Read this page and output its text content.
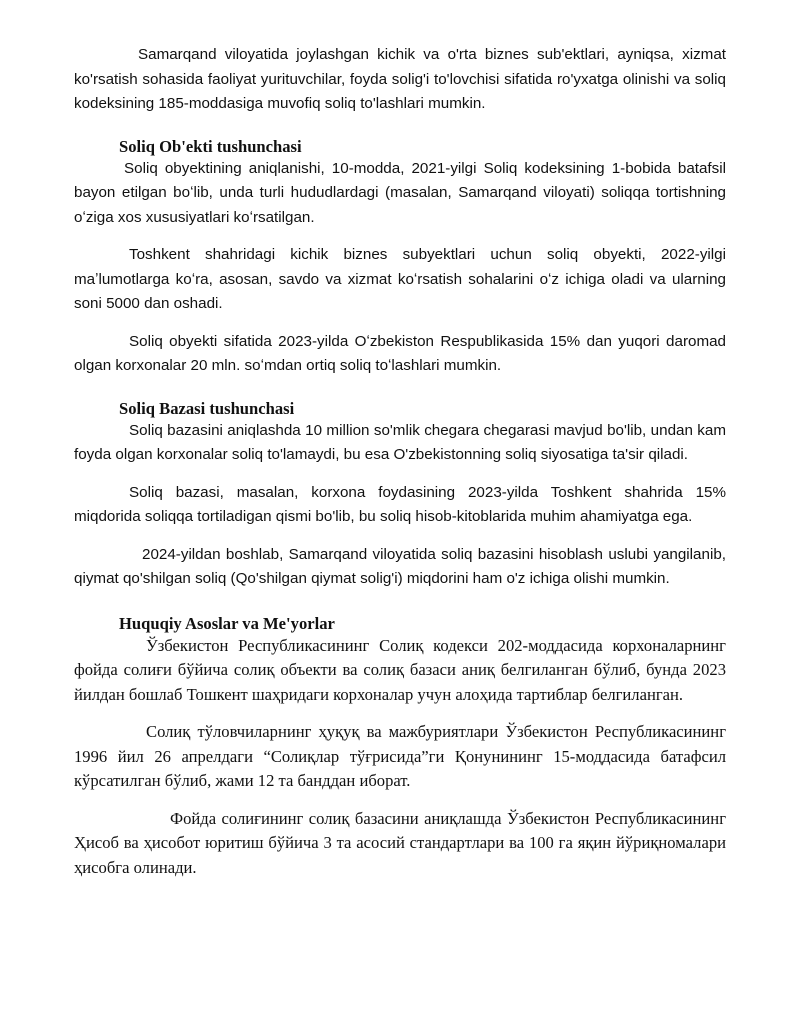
Samarqand viloyatida joylashgan kichik va o'rta biznes sub'ektlari, ayniqsa, xizmat ko'rsatish sohasida faoliyat yurituvchilar, foyda solig'i to'lovchisi sifatida ro'yxatga olinishi va soliq kodeksining 185-moddasiga muvofiq soliq to'lashlari mumkin.

Soliq Ob'ekti tushunchasi

Soliq obyektining aniqlanishi, 10-modda, 2021-yilgi Soliq kodeksining 1-bobida batafsil bayon etilgan boʻlib, unda turli hududlardagi (masalan, Samarqand viloyati) soliqqa tortishning oʻziga xos xususiyatlari koʻrsatilgan.

Toshkent shahridagi kichik biznes subyektlari uchun soliq obyekti, 2022-yilgi maʼlumotlarga koʻra, asosan, savdo va xizmat koʻrsatish sohalarini oʻz ichiga oladi va ularning soni 5000 dan oshadi.

Soliq obyekti sifatida 2023-yilda Oʻzbekiston Respublikasida 15% dan yuqori daromad olgan korxonalar 20 mln. soʻmdan ortiq soliq toʻlashlari mumkin.

Soliq Bazasi tushunchasi

Soliq bazasini aniqlashda 10 million so'mlik chegara chegarasi mavjud bo'lib, undan kam foyda olgan korxonalar soliq to'lamaydi, bu esa O'zbekistonning soliq siyosatiga ta'sir qiladi.

Soliq bazasi, masalan, korxona foydasining 2023-yilda Toshkent shahrida 15% miqdorida soliqqa tortiladigan qismi bo'lib, bu soliq hisob-kitoblarida muhim ahamiyatga ega.

2024-yildan boshlab, Samarqand viloyatida soliq bazasini hisoblash uslubi yangilanib, qiymat qo'shilgan soliq (Qo'shilgan qiymat solig'i) miqdorini ham o'z ichiga olishi mumkin.

Huquqiy Asoslar va Me'yorlar

Ўзбекистон Республикасининг Солиқ кодекси 202-моддасида корхоналарнинг фойда солиғи бўйича солиқ объекти ва солиқ базаси аниқ белгиланган бўлиб, бунда 2023 йилдан бошлаб Тошкент шаҳридаги корхоналар учун алоҳида тартиблар белгиланган.

Солиқ тўловчиларнинг ҳуқуқ ва мажбуриятлари Ўзбекистон Республикасининг 1996 йил 26 апрелдаги “Солиқлар тўғрисида”ги Қонунининг 15-моддасида батафсил кўрсатилган бўлиб, жами 12 та банддан иборат.

Фойда солиғининг солиқ базасини аниқлашда Ўзбекистон Республикасининг Ҳисоб ва ҳисобот юритиш бўйича 3 та асосий стандартлари ва 100 га яқин йўриқномалари ҳисобга олинади.
